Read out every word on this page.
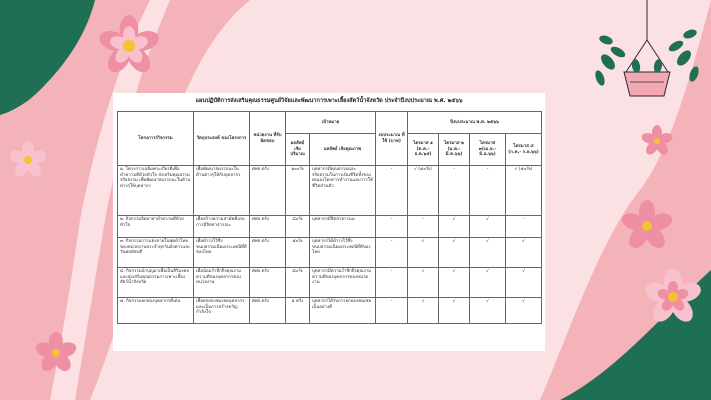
แผนปฏิบัติการส่งเสริมคุณธรรมศูนย์วิจัยและพัฒนาการเพาะเลี้ยงสัตว์น้ำจังหวัด ประจำปีงบประมาณ พ.ศ. ๒๕๖๖
โครงการ/กิจกรรม	วัตถุประสงค์ ของโครงการ	หน่วยงาน ที่รับผิดชอบ	เป้าหมาย		งบประมาณ ที่ใช้ (บาท)	ปีงบประมาณ พ.ศ. ๒๕๖๖			
			ผลลัพธ์ เชิงปริมาณ	ผลลัพธ์ เชิงคุณภาพ		ไตรมาส ๑ (ต.ค.- ธ.ค.๖๕)	ไตรมาส ๒ (ม.ค.- มี.ค.๖๖)	ไตรมาส ๓(เม.ย.- มิ.ย.๖๖)	ไตรมาส ๔ (ก.ค.- ก.ย.๖๖)
๑. โครงการเฉลิมพระเกียรติเพื่อทำความดีด้วยหัวใจ ส่งเสริมคุณธรรม จริยธรรม เพื่อพัฒนาสมรรถนะในด้านต่างๆให้บุคลากร	เพื่อพัฒนาสมรรถนะในด้านต่างๆให้กับบุคลากร	ศพจ.ตรัง	๑๐๐%	บุคลากรมีคุณธรรมและจริยธรรมในการเนินชีวิตทั้งของตนเองโดยการทำงานและการใช้ชีวิตส่วนตัว	-	√ (๕๐%)	-	-	√ (๕๐%)
๒. กิจกรรมจิตอาสาทำความดีด้วยหัวใจ	เพื่อสร้างความสามัคคีและการมีจิตสาธารณะ	ศพจ.ตรัง	๘๐%	บุคลากรมีจิตสาธารณะ	-	-	√	√	-
๓. กิจกรรมการแต่งกายในชุดผ้าไทยของหน่วยงานประจำทุกวันอังคารและวันพฤหัสบดี	เพื่อดำรงไว้ซึ่งขนบธรรมเนียมประเพณีที่ดีของไทย	ศพจ.ตรัง	๕๐%	บุคลากรได้ดำรงไว้ซึ่งขนบธรรมเนียมประเพณีที่ดีของไทย	-	√	√	√	√
๔. กิจกรรมนำบุญมาเพื่อเป็นสิริมงคลและส่งเสริมคุณธรรมการเพาะเลี้ยงสัตว์น้ำจังหวัด	เพื่อน้อมรำลึกถึงคุณงามความดีของบุคลากรของหน่วยงาน	ศพจ.ตรัง	๘๐%	บุคลากรมีความรำลึกถึงคุณงามความดีของบุคลากรของหน่วยงาน	-	√	√	√	√
๕. กิจกรรมยกย่องบุคลากรดีเด่น	เพื่อยกย่องชมเชยบุคลากร และเป็นการสร้างขวัญกำลังใจ	ศพจ.ตรัง	๑ ครั้ง	บุคลากรได้รับการยกย่องชมเชยเป็นอย่างดี	-	√	√	√	√
